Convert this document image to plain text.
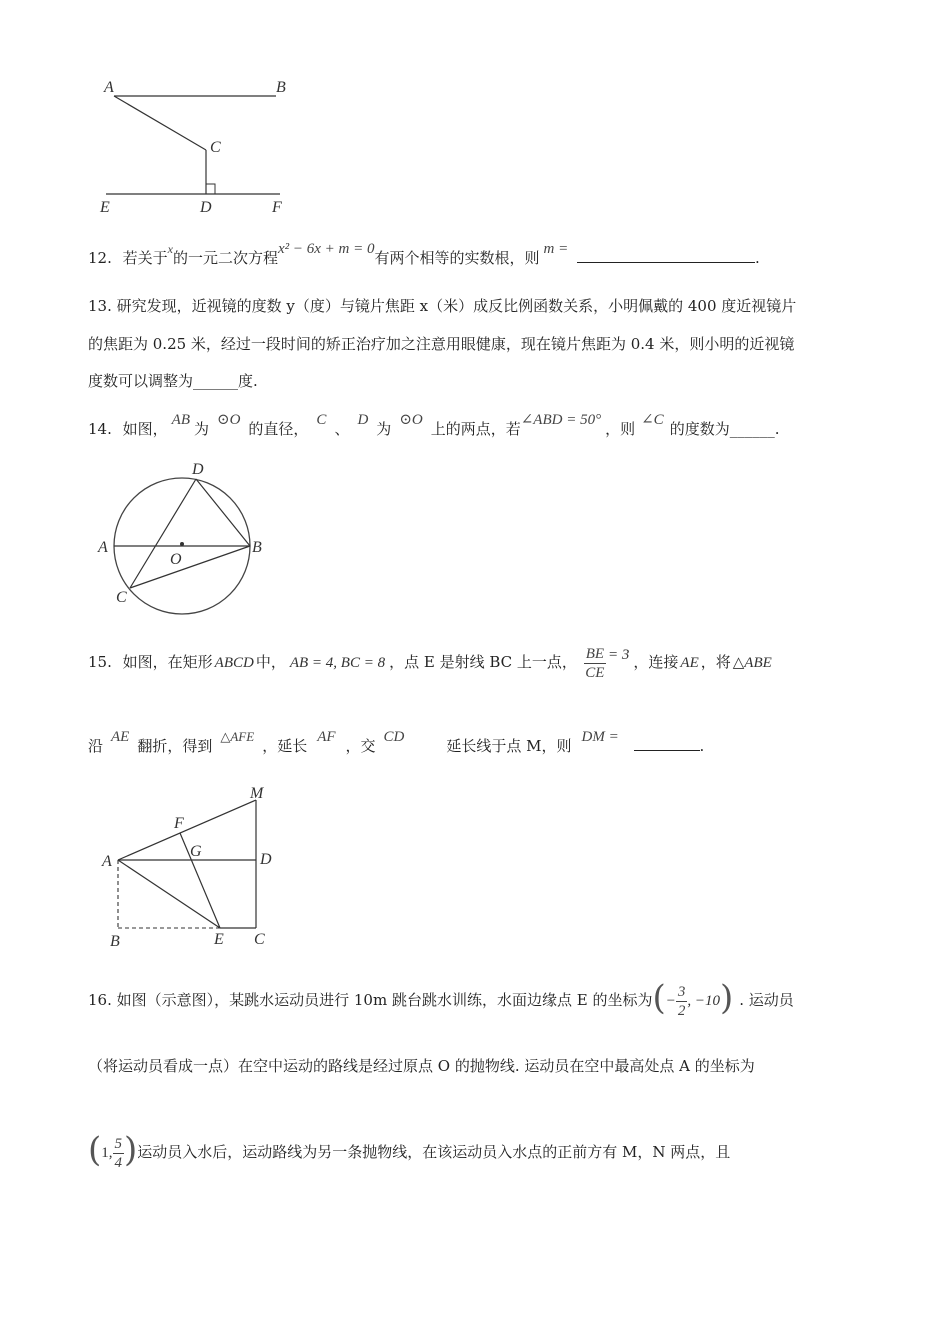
A	B
C
D
E	F
12. 若关于$^x$的一元二次方程x² − 6x + m = 0有两个相等的实数根，则 m =	.
13. 研究发现，近视镜的度数 y（度）与镜片焦距 x（米）成反比例函数关系，小明佩戴的 400 度近视镜片
的焦距为 0.25 米，经过一段时间的矫正治疗加之注意用眼健康，现在镜片焦距为 0.4 米，则小明的近视镜
度数可以调整为______度.
14. 如图， AB 为 ⊙O 的直径， C 、 D 为 ⊙O 上的两点，若∠ABD = 50° ，则 ∠C 的度数为______.
D
A
O
B
C
15. 如图，在矩形 ABCD 中， AB = 4, BC = 8 ，点 E 是射线 BC 上一点， $\frac{BE}{CE} = 3$ ，连接 AE ，将 △ABE
沿 AE 翻折，得到△AFE，延长 AF ，交 CD	延长线于点 M，则 DM =	.
M
F
G	D
A
B	E C
16. 如图（示意图），某跳水运动员进行 10m 跳台跳水训练，水面边缘点 E 的坐标为(− $\frac{3}{2}$ , −10) . 运动员
（将运动员看成一点）在空中运动的路线是经过原点 O 的抛物线. 运动员在空中最高处点 A 的坐标为
(1, $\frac{5}{4}$ )运动员入水后，运动路线为另一条抛物线，在该运动员入水点的正前方有 M，N 两点，且
